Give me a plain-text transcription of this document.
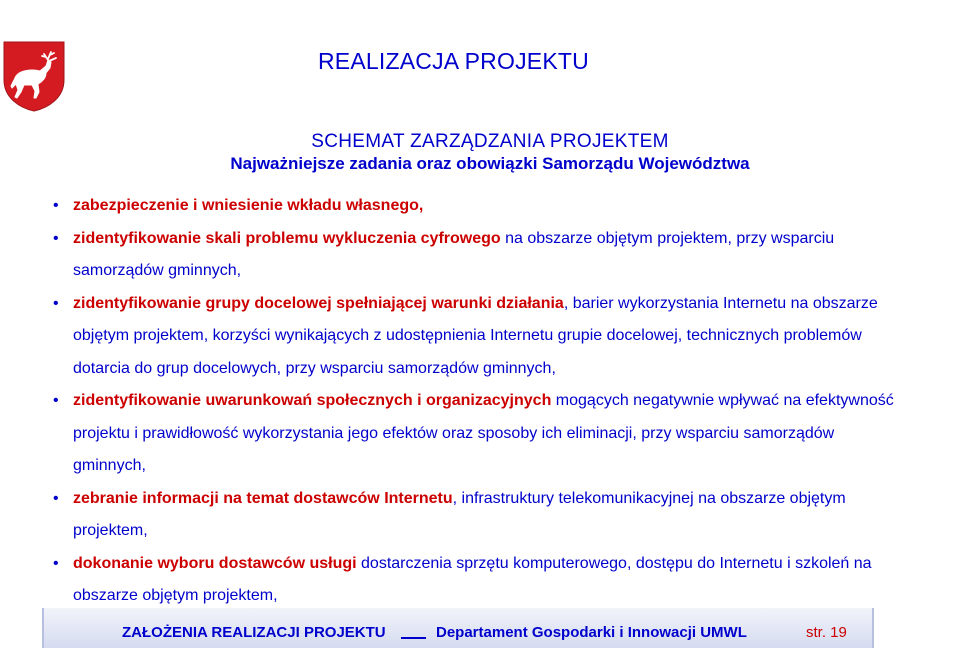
REALIZACJA PROJEKTU
SCHEMAT ZARZĄDZANIA PROJEKTEM
Najważniejsze zadania oraz obowiązki Samorządu Województwa
• zabezpieczenie i wniesienie wkładu własnego,
• zidentyfikowanie skali problemu wykluczenia cyfrowego na obszarze objętym projektem, przy wsparciu samorządów gminnych,
• zidentyfikowanie grupy docelowej spełniającej warunki działania, barier wykorzystania Internetu na obszarze objętym projektem, korzyści wynikających z udostępnienia Internetu grupie docelowej, technicznych problemów dotarcia do grup docelowych, przy wsparciu samorządów gminnych,
• zidentyfikowanie uwarunkowań społecznych i organizacyjnych mogących negatywnie wpływać na efektywność projektu i prawidłowość wykorzystania jego efektów oraz sposoby ich eliminacji, przy wsparciu samorządów gminnych,
• zebranie informacji na temat dostawców Internetu, infrastruktury telekomunikacyjnej na obszarze objętym projektem,
• dokonanie wyboru dostawców usługi dostarczenia sprzętu komputerowego, dostępu do Internetu i szkoleń na obszarze objętym projektem,
ZAŁOŻENIA REALIZACJI PROJEKTU	Departament Gospodarki i Innowacji UMWL	str. 19
